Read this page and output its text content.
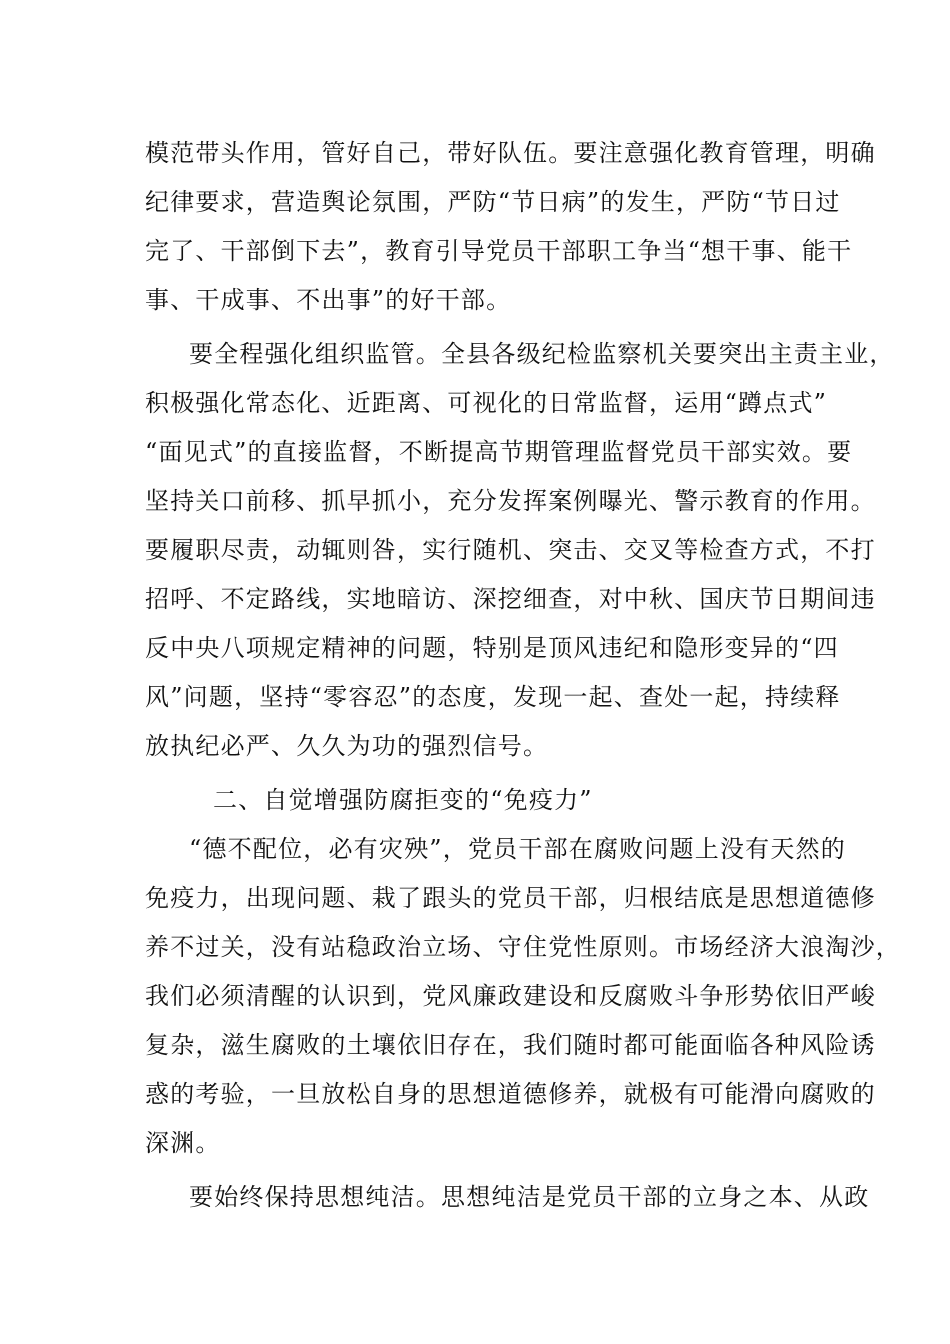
模范带头作用，管好自己，带好队伍。要注意强化教育管理，明确
纪律要求，营造舆论氛围，严防“节日病”的发生，严防“节日过
完了、干部倒下去”，教育引导党员干部职工争当“想干事、能干
事、干成事、不出事”的好干部。
要全程强化组织监管。全县各级纪检监察机关要突出主责主业，
积极强化常态化、近距离、可视化的日常监督，运用“蹲点式”
“面见式”的直接监督，不断提高节期管理监督党员干部实效。要
坚持关口前移、抓早抓小，充分发挥案例曝光、警示教育的作用。
要履职尽责，动辄则咎，实行随机、突击、交叉等检查方式，不打
招呼、不定路线，实地暗访、深挖细查，对中秋、国庆节日期间违
反中央八项规定精神的问题，特别是顶风违纪和隐形变异的“四
风”问题，坚持“零容忍”的态度，发现一起、查处一起，持续释
放执纪必严、久久为功的强烈信号。
二、自觉增强防腐拒变的“免疫力”
“德不配位，必有灾殃”，党员干部在腐败问题上没有天然的
免疫力，出现问题、栽了跟头的党员干部，归根结底是思想道德修
养不过关，没有站稳政治立场、守住党性原则。市场经济大浪淘沙，
我们必须清醒的认识到，党风廉政建设和反腐败斗争形势依旧严峻
复杂，滋生腐败的土壤依旧存在，我们随时都可能面临各种风险诱
惑的考验，一旦放松自身的思想道德修养，就极有可能滑向腐败的
深渊。
要始终保持思想纯洁。思想纯洁是党员干部的立身之本、从政
